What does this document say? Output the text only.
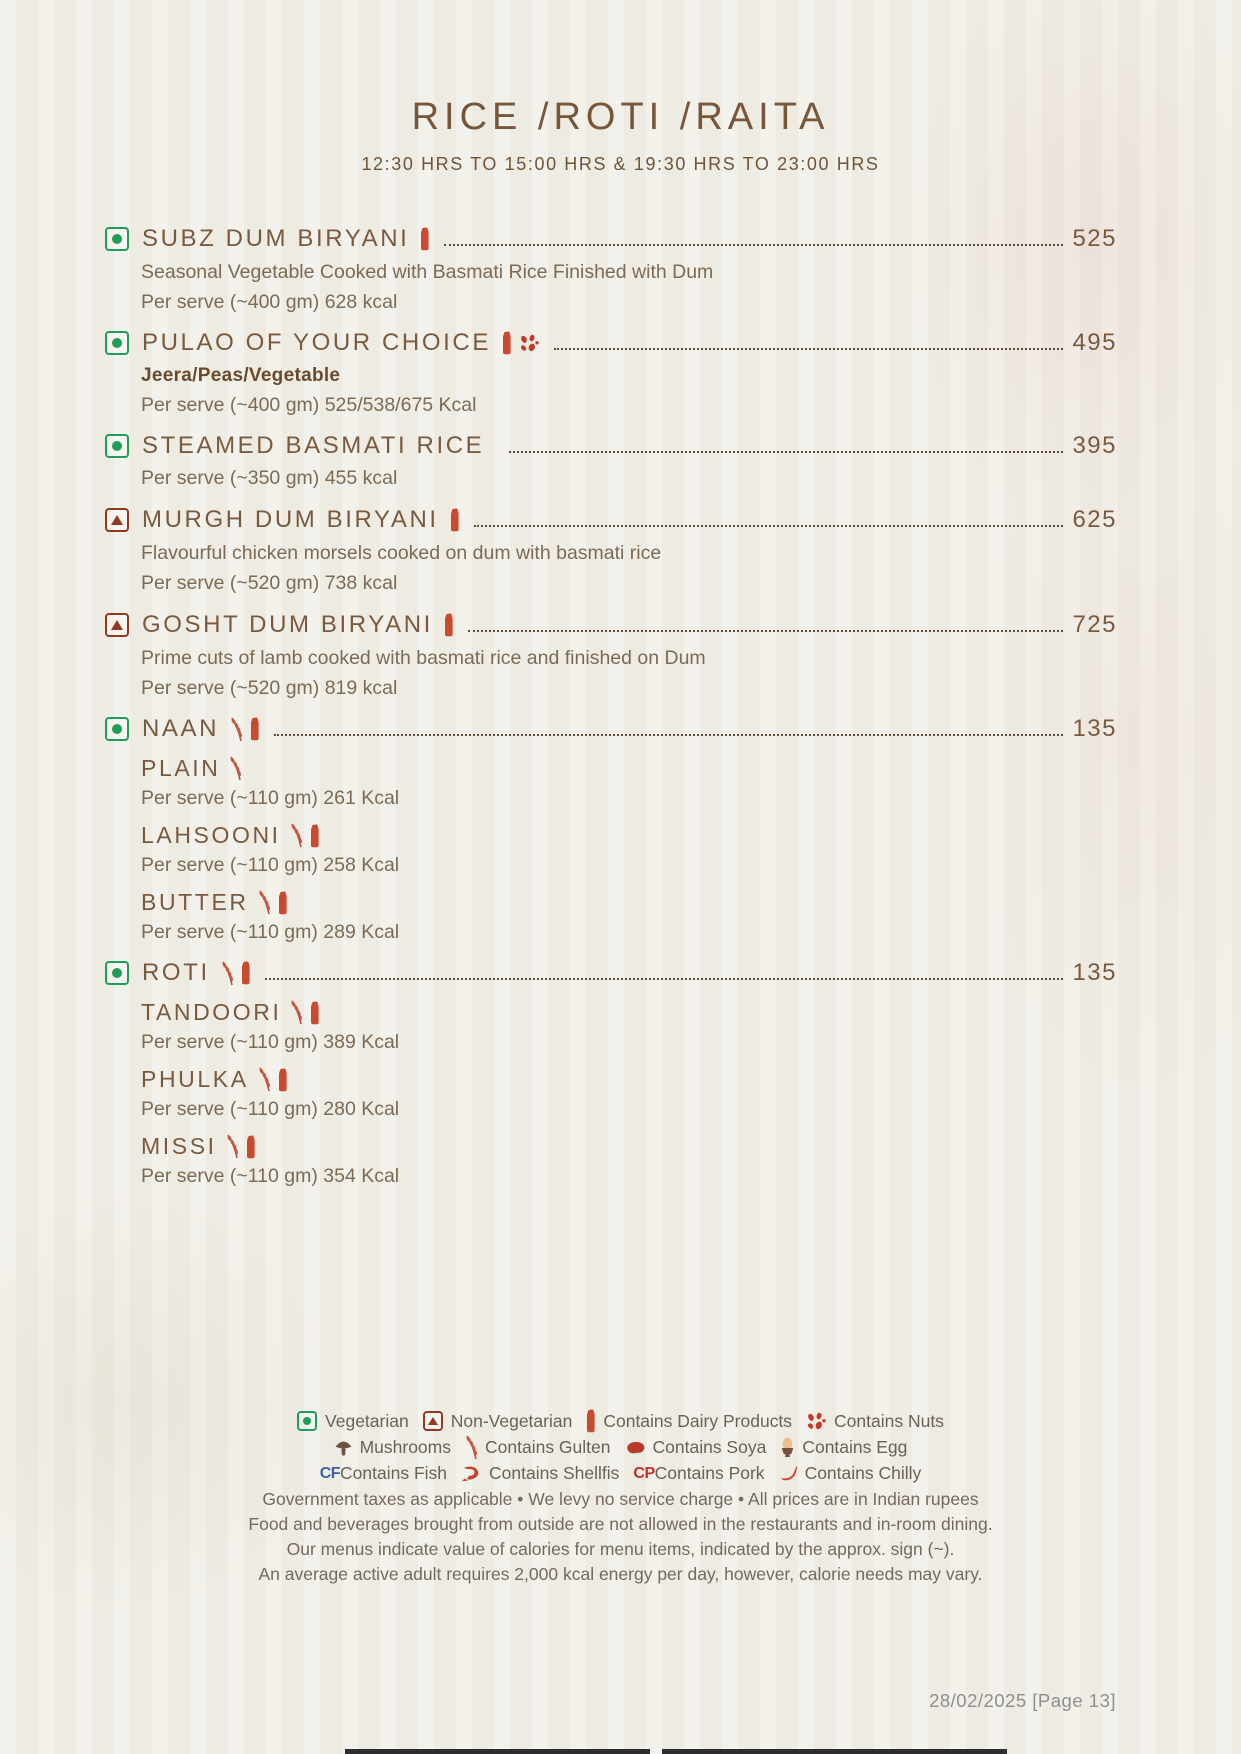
RICE /ROTI /RAITA
12:30 HRS TO 15:00 HRS & 19:30 HRS TO 23:00 HRS
SUBZ DUM BIRYANI	525
Seasonal Vegetable Cooked with Basmati Rice Finished with Dum
Per serve (~400 gm) 628 kcal
PULAO OF YOUR CHOICE	495
Jeera/Peas/Vegetable
Per serve (~400 gm) 525/538/675 Kcal
STEAMED BASMATI RICE	395
Per serve (~350 gm) 455 kcal
MURGH DUM BIRYANI	625
Flavourful chicken morsels cooked on dum with basmati rice
Per serve (~520 gm) 738 kcal
GOSHT DUM BIRYANI	725
Prime cuts of lamb cooked with basmati rice and finished on Dum
Per serve (~520 gm) 819 kcal
NAAN	135
PLAIN
Per serve (~110 gm) 261 Kcal
LAHSOONI
Per serve (~110 gm) 258 Kcal
BUTTER
Per serve (~110 gm) 289 Kcal
ROTI	135
TANDOORI
Per serve (~110 gm) 389 Kcal
PHULKA
Per serve (~110 gm) 280 Kcal
MISSI
Per serve (~110 gm) 354 Kcal
Vegetarian Non-Vegetarian Contains Dairy Products Contains Nuts
Mushrooms Contains Gulten Contains Soya Contains Egg
CF Contains Fish Contains Shellfis CP Contains Pork Contains Chilly
Government taxes as applicable • We levy no service charge • All prices are in Indian rupees
Food and beverages brought from outside are not allowed in the restaurants and in-room dining.
Our menus indicate value of calories for menu items, indicated by the approx. sign (~).
An average active adult requires 2,000 kcal energy per day, however, calorie needs may vary.
28/02/2025 [Page 13]
